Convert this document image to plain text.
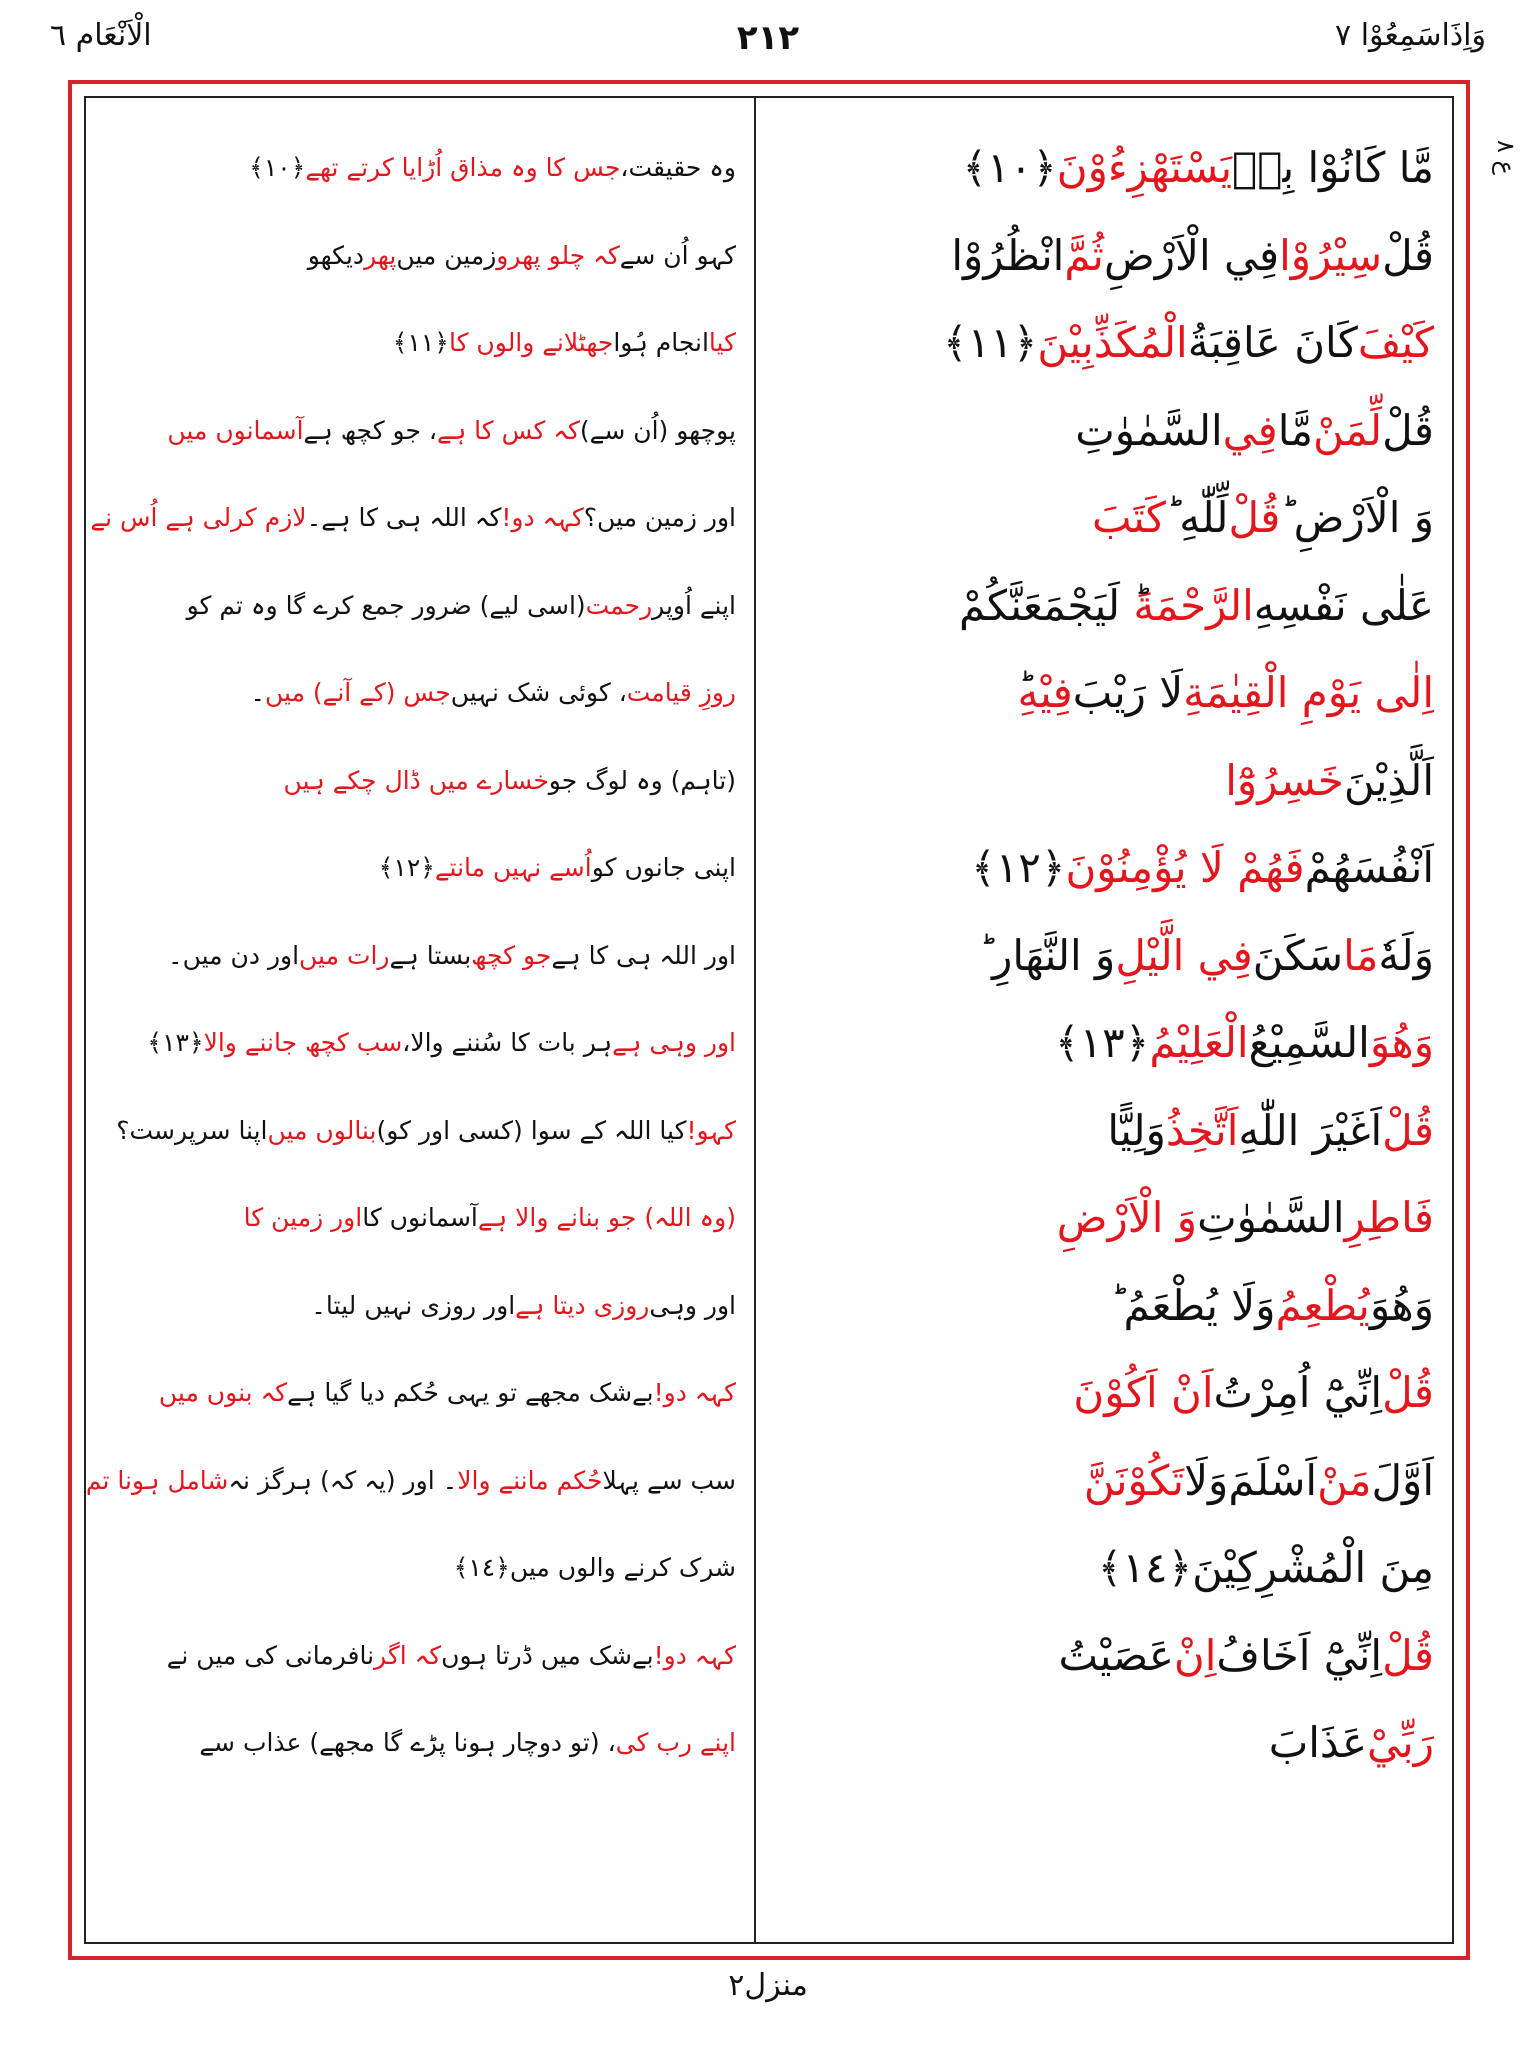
وَاِذَاسَمِعُوْا ٧
٢١٢
الْاَنْعَام ٦
ع ٨
مَّا كَانُوْا بِهٖ
يَسْتَهْزِءُوْنَ
﴿١٠﴾
قُلْ
سِيْرُوْا
فِي الْاَرْضِ
ثُمَّ
انْظُرُوْا
كَيْفَ
كَانَ عَاقِبَةُ
الْمُكَذِّبِيْنَ
﴿١١﴾
قُلْ
لِّمَنْ
مَّا
فِي
السَّمٰوٰتِ
وَ الْاَرْضِ ؕ
قُلْ
لِّلّٰهِ ؕ
كَتَبَ
عَلٰى نَفْسِهِ
الرَّحْمَةَ
ؕ لَيَجْمَعَنَّكُمْ
اِلٰى يَوْمِ الْقِيٰمَةِ
لَا رَيْبَ
فِيْهِ
اَلَّذِيْنَ
خَسِرُوْٓا
اَنْفُسَهُمْ
فَهُمْ لَا يُؤْمِنُوْنَ
﴿١٢﴾
وَلَهٗ
مَا
سَكَنَ
فِي الَّيْلِ
وَ النَّهَارِ ؕ
وَهُوَ
السَّمِيْعُ
الْعَلِيْمُ
﴿١٣﴾
قُلْ
اَغَيْرَ اللّٰهِ
اَتَّخِذُ
وَلِيًّا
فَاطِرِ
السَّمٰوٰتِ
وَ الْاَرْضِ
وَهُوَ
يُطْعِمُ
وَلَا يُطْعَمُ ؕ
قُلْ
اِنِّيْٓ اُمِرْتُ
اَنْ اَكُوْنَ
اَوَّلَ
مَنْ
اَسْلَمَ
وَلَا
تَكُوْنَنَّ
مِنَ الْمُشْرِكِيْنَ
﴿١٤﴾
قُلْ
اِنِّيْٓ اَخَافُ
اِنْ
عَصَيْتُ
رَبِّيْ
عَذَابَ
وہ حقیقت،
جس کا وہ مذاق اُڑایا کرتے تھے
﴿١٠﴾
کہو اُن سے
کہ چلو پھرو
زمین میں
پھر
دیکھو
کیا
انجام ہُوا
جھٹلانے والوں کا
﴿١١﴾
پوچھو (اُن سے)
کہ کس کا ہے
، جو کچھ ہے
آسمانوں میں
اور زمین میں؟
کہہ دو!
کہ اللہ ہی کا ہے۔
لازم کرلی ہے اُس نے
اپنے اُوپر
رحمت
(اسی لیے) ضرور جمع کرے گا وہ تم کو
روزِ قیامت
، کوئی شک نہیں
جس (کے آنے) میں
۔
(تاہم) وہ لوگ جو
خسارے میں ڈال چکے ہیں
اپنی جانوں کو
اُسے نہیں مانتے
﴿١٢﴾
اور اللہ ہی کا ہے
جو کچھ
بستا ہے
رات میں
اور دن میں۔
اور وہی ہے
ہر بات کا سُننے والا،
سب کچھ جاننے والا
﴿١٣﴾
کہو!
کیا اللہ کے سوا (کسی اور کو)
بنالوں میں
اپنا سرپرست؟
(وہ اللہ) جو بنانے والا ہے
آسمانوں کا
اور زمین کا
اور وہی
روزی دیتا ہے
اور روزی نہیں لیتا۔
کہہ دو!
بےشک مجھے تو یہی حُکم دیا گیا ہے
کہ بنوں میں
سب سے پہلا
حُکم ماننے والا
۔ اور (یہ کہ) ہرگز نہ
شامل ہونا تم
شرک کرنے والوں میں
﴿١٤﴾
کہہ دو!
بےشک میں ڈرتا ہوں
کہ اگر
نافرمانی کی میں نے
اپنے رب کی
، (تو دوچار ہونا پڑے گا مجھے) عذاب سے
منزل٢
